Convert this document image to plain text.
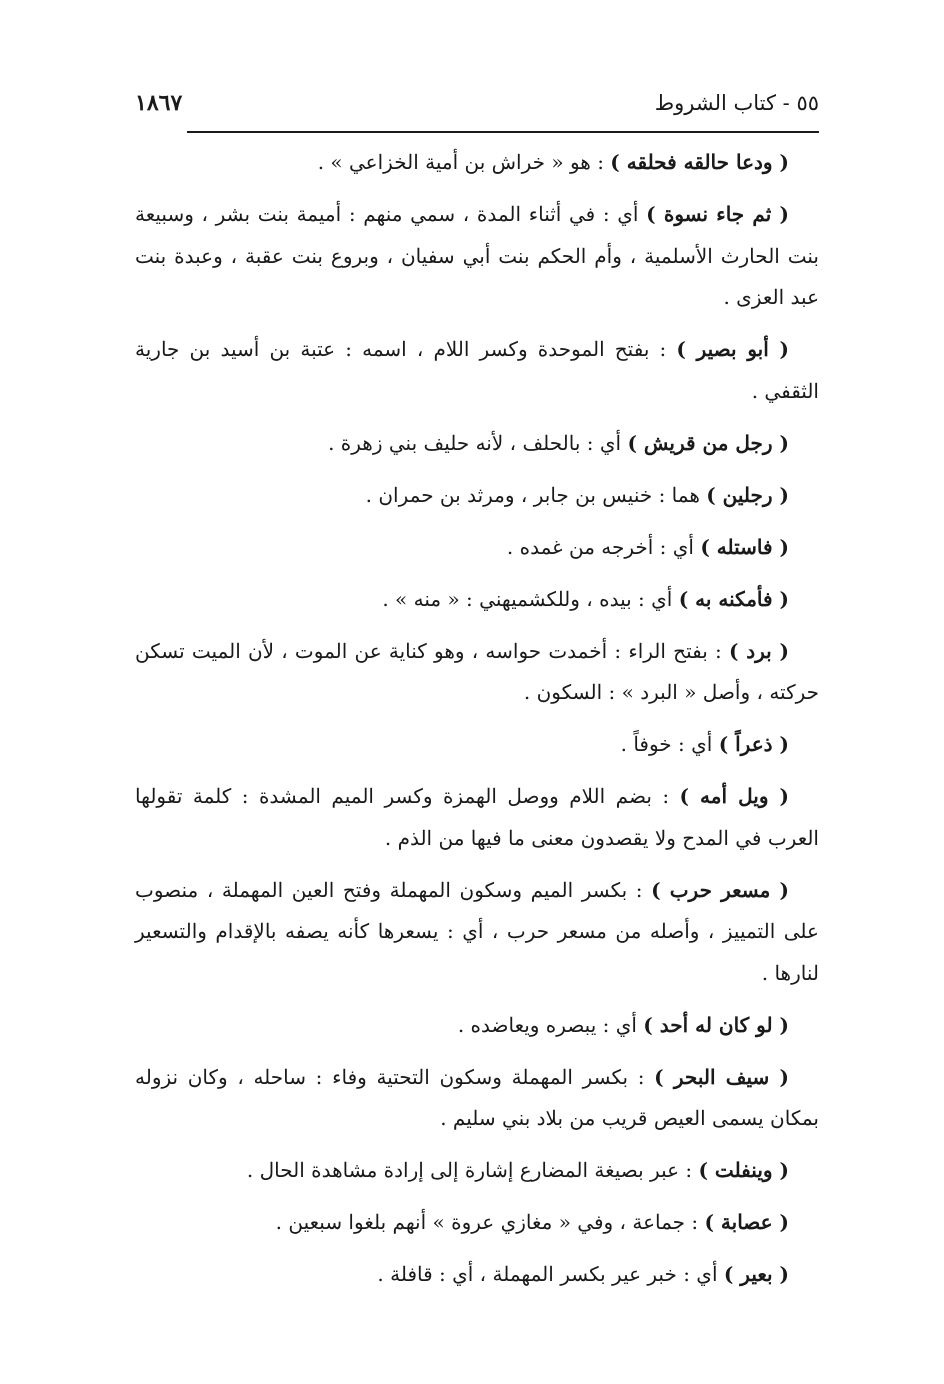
٥٥ - كتاب الشروط
١٨٦٧

( ودعا حالقه فحلقه ) : هو « خراش بن أمية الخزاعي » .

( ثم جاء نسوة ) أي : في أثناء المدة ، سمي منهم : أميمة بنت بشر ، وسبيعة بنت الحارث الأسلمية ، وأم الحكم بنت أبي سفيان ، وبروع بنت عقبة ، وعبدة بنت عبد العزى .

( أبو بصير ) : بفتح الموحدة وكسر اللام ، اسمه : عتبة بن أسيد بن جارية الثقفي .

( رجل من قريش ) أي : بالحلف ، لأنه حليف بني زهرة .

( رجلين ) هما : خنيس بن جابر ، ومرثد بن حمران .

( فاستله ) أي : أخرجه من غمده .

( فأمكنه به ) أي : بيده ، وللكشميهني : « منه » .

( برد ) : بفتح الراء : أخمدت حواسه ، وهو كناية عن الموت ، لأن الميت تسكن حركته ، وأصل « البرد » : السكون .

( ذعراً ) أي : خوفاً .

( ويل أمه ) : بضم اللام ووصل الهمزة وكسر الميم المشدة : كلمة تقولها العرب في المدح ولا يقصدون معنى ما فيها من الذم .

( مسعر حرب ) : بكسر الميم وسكون المهملة وفتح العين المهملة ، منصوب على التمييز ، وأصله من مسعر حرب ، أي : يسعرها كأنه يصفه بالإقدام والتسعير لنارها .

( لو كان له أحد ) أي : يبصره ويعاضده .

( سيف البحر ) : بكسر المهملة وسكون التحتية وفاء : ساحله ، وكان نزوله بمكان يسمى العيص قريب من بلاد بني سليم .

( وينفلت ) : عبر بصيغة المضارع إشارة إلى إرادة مشاهدة الحال .

( عصابة ) : جماعة ، وفي « مغازي عروة » أنهم بلغوا سبعين .

( بعير ) أي : خبر عير بكسر المهملة ، أي : قافلة .
